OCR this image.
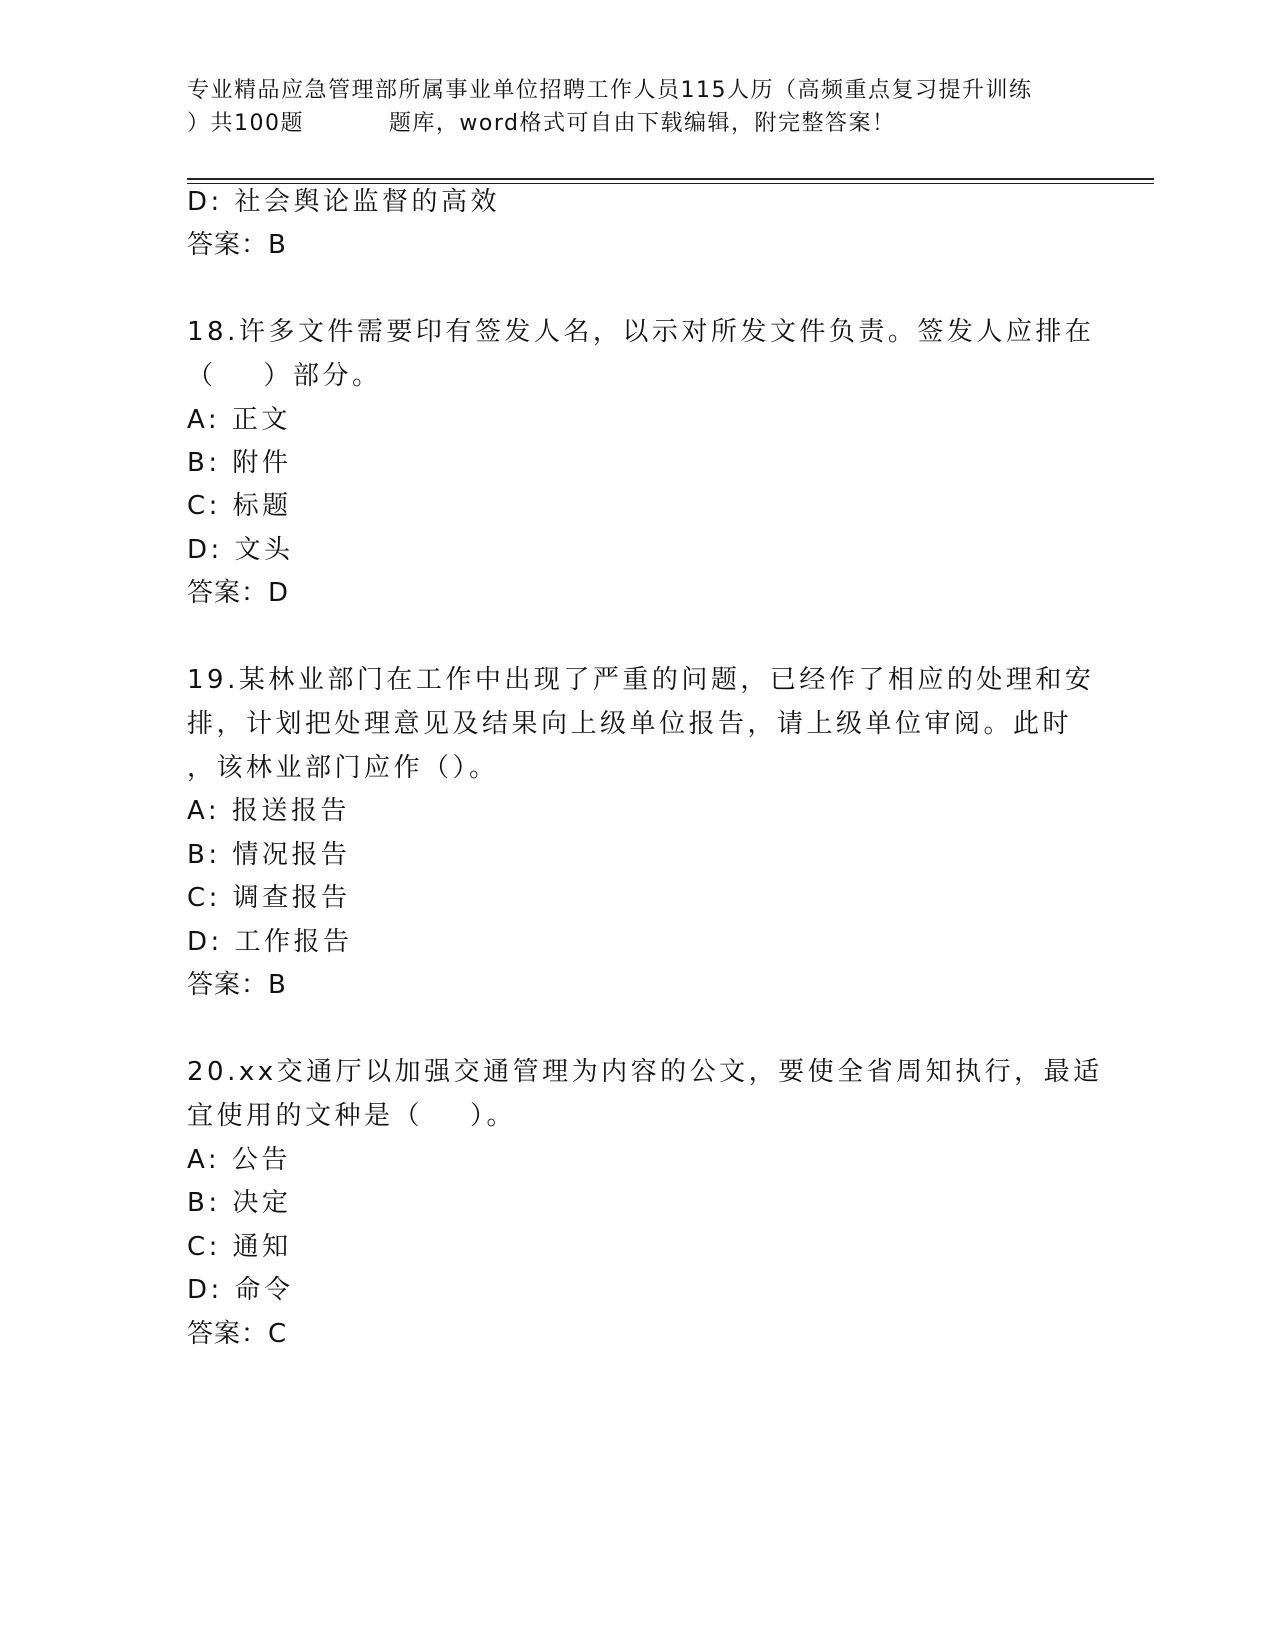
专业精品应急管理部所属事业单位招聘工作人员115人历（高频重点复习提升训练
）共100题          题库，word格式可自由下载编辑，附完整答案！
D: 社会舆论监督的高效
答案：B
18.许多文件需要印有签发人名，以示对所发文件负责。签发人应排在
（    ）部分。
A: 正文
B: 附件
C: 标题
D: 文头
答案：D
19.某林业部门在工作中出现了严重的问题，已经作了相应的处理和安
排，计划把处理意见及结果向上级单位报告，请上级单位审阅。此时
，该林业部门应作（）。
A: 报送报告
B: 情况报告
C: 调查报告
D: 工作报告
答案：B
20.xx交通厅以加强交通管理为内容的公文，要使全省周知执行，最适
宜使用的文种是（    ）。
A: 公告
B: 决定
C: 通知
D: 命令
答案：C
